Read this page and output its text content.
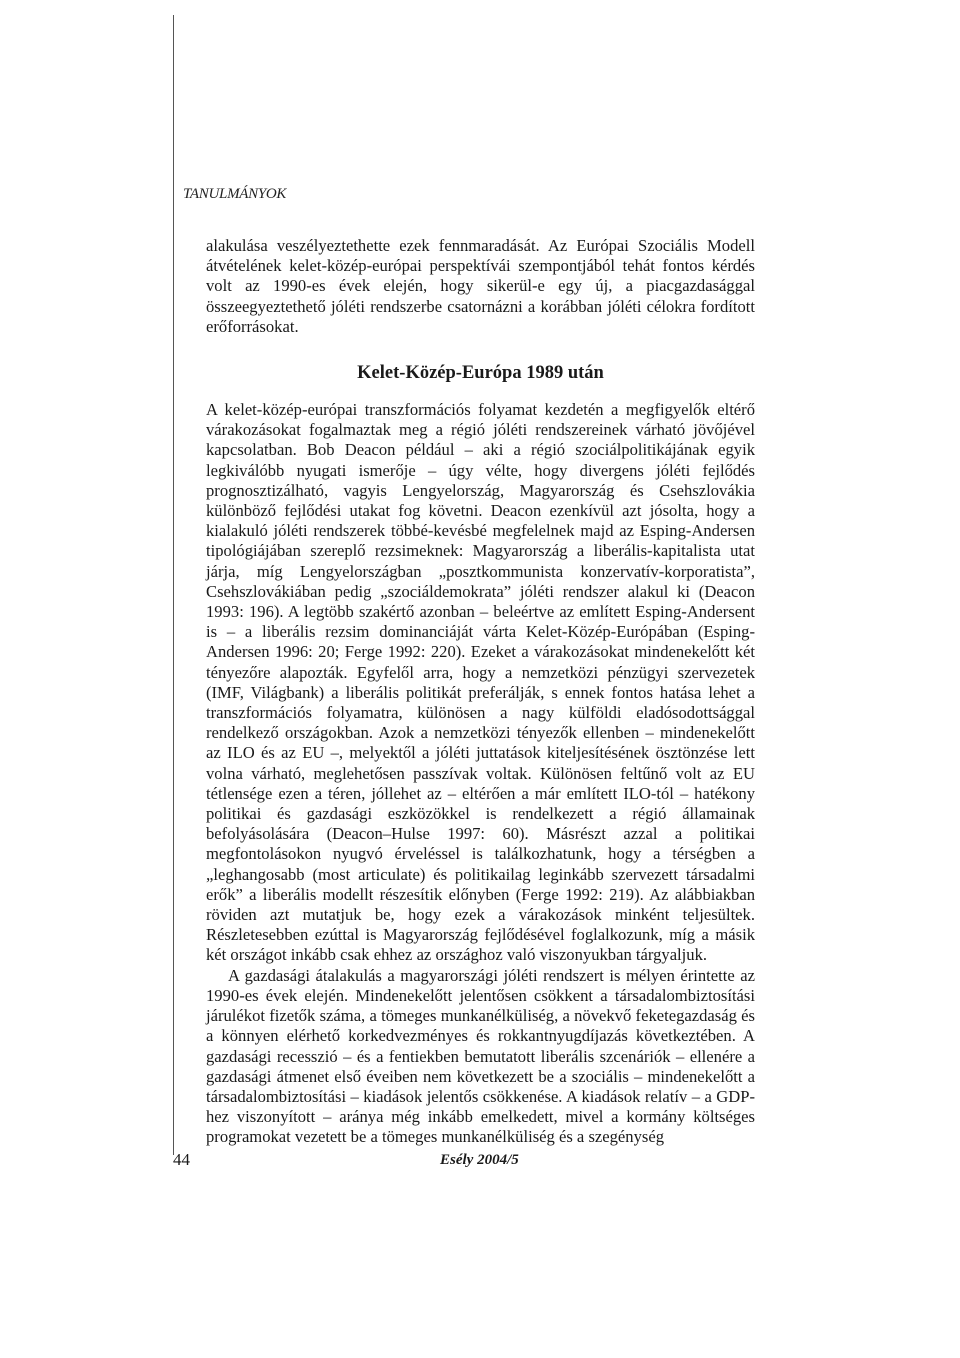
TANULMÁNYOK

alakulása veszélyeztethette ezek fennmaradását. Az Európai Szociális Modell átvételének kelet-közép-európai perspektívái szempontjából tehát fontos kérdés volt az 1990-es évek elején, hogy sikerül-e egy új, a piacgazdasággal összeegyeztethető jóléti rendszerbe csatornázni a korábban jóléti célokra fordított erőforrásokat.

Kelet-Közép-Európa 1989 után

A kelet-közép-európai transzformációs folyamat kezdetén a megfigyelők eltérő várakozásokat fogalmaztak meg a régió jóléti rendszereinek várható jövőjével kapcsolatban. Bob Deacon például – aki a régió szociálpolitikájának egyik legkiválóbb nyugati ismerője – úgy vélte, hogy divergens jóléti fejlődés prognosztizálható, vagyis Lengyelország, Magyarország és Csehszlovákia különböző fejlődési utakat fog követni. Deacon ezenkívül azt jósolta, hogy a kialakuló jóléti rendszerek többé-kevésbé megfelelnek majd az Esping-Andersen tipológiájában szereplő rezsimeknek: Magyarország a liberális-kapitalista utat járja, míg Lengyelországban „posztkommunista konzervatív-korporatista”, Csehszlovákiában pedig „szociáldemokrata” jóléti rendszer alakul ki (Deacon 1993: 196). A legtöbb szakértő azonban – beleértve az említett Esping-Andersent is – a liberális rezsim dominanciáját várta Kelet-Közép-Európában (Esping-Andersen 1996: 20; Ferge 1992: 220). Ezeket a várakozásokat mindenekelőtt két tényezőre alapozták. Egyfelől arra, hogy a nemzetközi pénzügyi szervezetek (IMF, Világbank) a liberális politikát preferálják, s ennek fontos hatása lehet a transzformációs folyamatra, különösen a nagy külföldi eladósodottsággal rendelkező országokban. Azok a nemzetközi tényezők ellenben – mindenekelőtt az ILO és az EU –, melyektől a jóléti juttatások kiteljesítésének ösztönzése lett volna várható, meglehetősen passzívak voltak. Különösen feltűnő volt az EU tétlensége ezen a téren, jóllehet az – eltérően a már említett ILO-tól – hatékony politikai és gazdasági eszközökkel is rendelkezett a régió államainak befolyásolására (Deacon–Hulse 1997: 60). Másrészt azzal a politikai megfontolásokon nyugvó érveléssel is találkozhatunk, hogy a térségben a „leghangosabb (most articulate) és politikailag leginkább szervezett társadalmi erők” a liberális modellt részesítik előnyben (Ferge 1992: 219). Az alábbiakban röviden azt mutatjuk be, hogy ezek a várakozások minként teljesültek. Részletesebben ezúttal is Magyarország fejlődésével foglalkozunk, míg a másik két országot inkább csak ehhez az országhoz való viszonyukban tárgyaljuk.

A gazdasági átalakulás a magyarországi jóléti rendszert is mélyen érintette az 1990-es évek elején. Mindenekelőtt jelentősen csökkent a társadalombiztosítási járulékot fizetők száma, a tömeges munkanélküliség, a növekvő feketegazdaság és a könnyen elérhető korkedvezményes és rokkantnyugdíjazás következtében. A gazdasági recesszió – és a fentiekben bemutatott liberális szcenáriók – ellenére a gazdasági átmenet első éveiben nem következett be a szociális – mindenekelőtt a társadalombiztosítási – kiadások jelentős csökkenése. A kiadások relatív – a GDP-hez viszonyított – aránya még inkább emelkedett, mivel a kormány költséges programokat vezetett be a tömeges munkanélküliség és a szegénység

44	Esély 2004/5
